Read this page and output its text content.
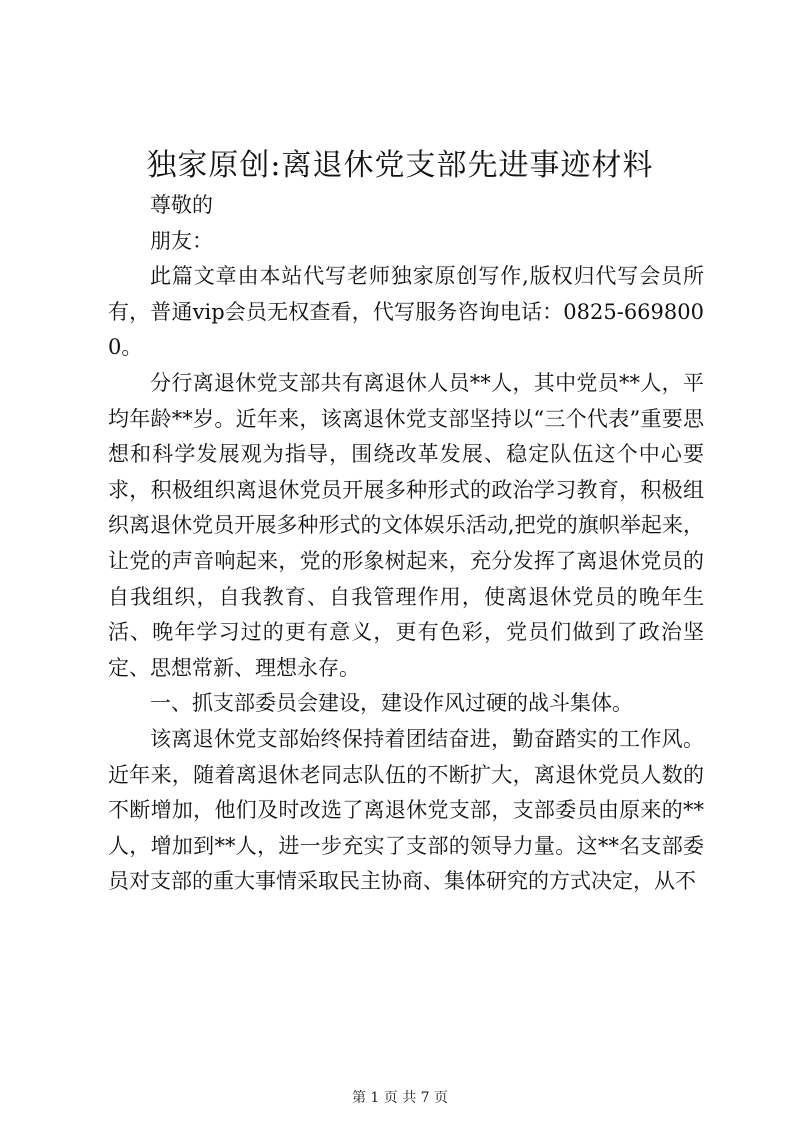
独家原创:离退休党支部先进事迹材料

尊敬的

朋友：

此篇文章由本站代写老师独家原创写作,版权归代写会员所有，普通vip会员无权查看，代写服务咨询电话：0825-6698000。

分行离退休党支部共有离退休人员**人，其中党员**人，平均年龄**岁。近年来，该离退休党支部坚持以“三个代表”重要思想和科学发展观为指导，围绕改革发展、稳定队伍这个中心要求，积极组织离退休党员开展多种形式的政治学习教育，积极组织离退休党员开展多种形式的文体娱乐活动,把党的旗帜举起来，让党的声音响起来，党的形象树起来，充分发挥了离退休党员的自我组织，自我教育、自我管理作用，使离退休党员的晚年生活、晚年学习过的更有意义，更有色彩，党员们做到了政治坚定、思想常新、理想永存。

一、抓支部委员会建设，建设作风过硬的战斗集体。

该离退休党支部始终保持着团结奋进，勤奋踏实的工作风。近年来，随着离退休老同志队伍的不断扩大，离退休党员人数的不断增加，他们及时改选了离退休党支部，支部委员由原来的**人，增加到**人，进一步充实了支部的领导力量。这**名支部委员对支部的重大事情采取民主协商、集体研究的方式决定，从不

第 1 页 共 7 页
